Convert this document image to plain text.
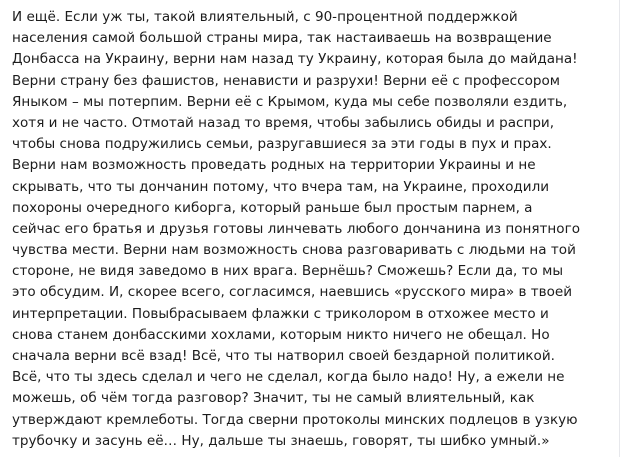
И ещё. Если уж ты, такой влиятельный, с 90-процентной поддержкой
населения самой большой страны мира, так настаиваешь на возвращение
Донбасса на Украину, верни нам назад ту Украину, которая была до майдана!
Верни страну без фашистов, ненависти и разрухи! Верни её с профессором
Яныком – мы потерпим. Верни её с Крымом, куда мы себе позволяли ездить,
хотя и не часто. Отмотай назад то время, чтобы забылись обиды и распри,
чтобы снова подружились семьи, разругавшиеся за эти годы в пух и прах.
Верни нам возможность проведать родных на территории Украины и не
скрывать, что ты дончанин потому, что вчера там, на Украине, проходили
похороны очередного киборга, который раньше был простым парнем, а
сейчас его братья и друзья готовы линчевать любого дончанина из понятного
чувства мести. Верни нам возможность снова разговаривать с людьми на той
стороне, не видя заведомо в них врага. Вернёшь? Сможешь? Если да, то мы
это обсудим. И, скорее всего, согласимся, наевшись «русского мира» в твоей
интерпретации. Повыбрасываем флажки с триколором в отхожее место и
снова станем донбасскими хохлами, которым никто ничего не обещал. Но
сначала верни всё взад! Всё, что ты натворил своей бездарной политикой.
Всё, что ты здесь сделал и чего не сделал, когда было надо! Ну, а ежели не
можешь, об чём тогда разговор? Значит, ты не самый влиятельный, как
утверждают кремлеботы. Тогда сверни протоколы минских подлецов в узкую
трубочку и засунь её… Ну, дальше ты знаешь, говорят, ты шибко умный.»
